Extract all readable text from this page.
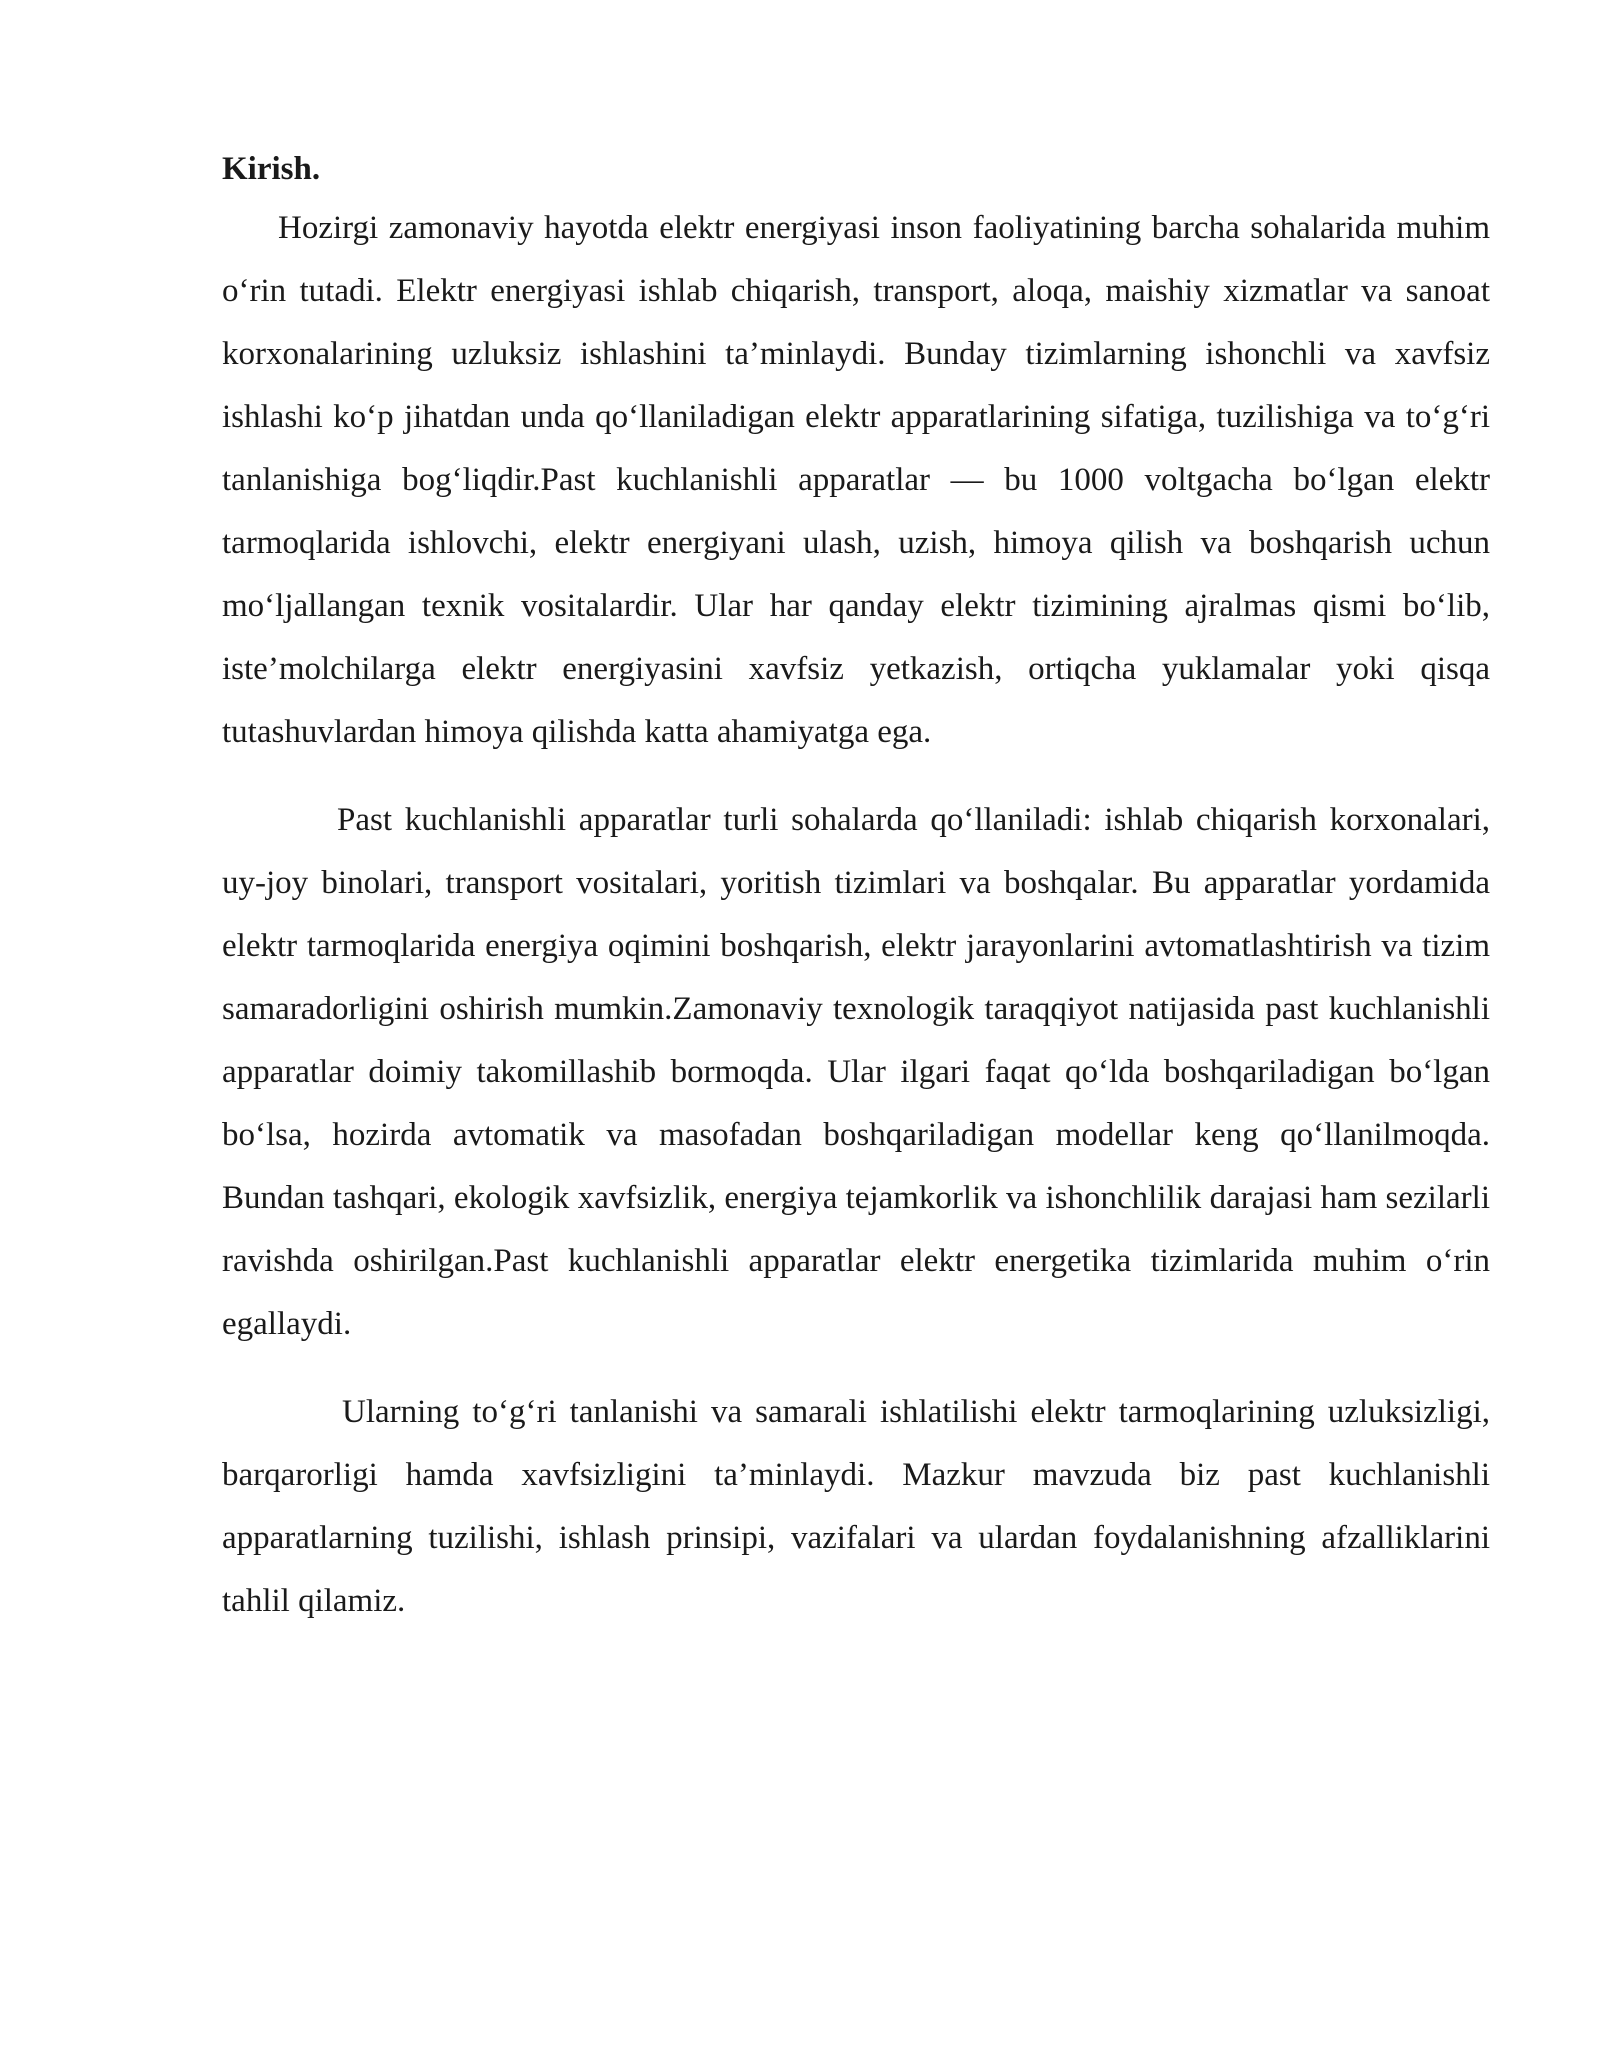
Kirish.

Hozirgi zamonaviy hayotda elektr energiyasi inson faoliyatining barcha sohalarida muhim o‘rin tutadi. Elektr energiyasi ishlab chiqarish, transport, aloqa, maishiy xizmatlar va sanoat korxonalarining uzluksiz ishlashini ta’minlaydi. Bunday tizimlarning ishonchli va xavfsiz ishlashi ko‘p jihatdan unda qo‘llaniladigan elektr apparatlarining sifatiga, tuzilishiga va to‘g‘ri tanlanishiga bog‘liqdir.Past kuchlanishli apparatlar — bu 1000 voltgacha bo‘lgan elektr tarmoqlarida ishlovchi, elektr energiyani ulash, uzish, himoya qilish va boshqarish uchun mo‘ljallangan texnik vositalardir. Ular har qanday elektr tizimining ajralmas qismi bo‘lib, iste’molchilarga elektr energiyasini xavfsiz yetkazish, ortiqcha yuklamalar yoki qisqa tutashuvlardan himoya qilishda katta ahamiyatga ega.

Past kuchlanishli apparatlar turli sohalarda qo‘llaniladi: ishlab chiqarish korxonalari, uy-joy binolari, transport vositalari, yoritish tizimlari va boshqalar. Bu apparatlar yordamida elektr tarmoqlarida energiya oqimini boshqarish, elektr jarayonlarini avtomatlashtirish va tizim samaradorligini oshirish mumkin.Zamonaviy texnologik taraqqiyot natijasida past kuchlanishli apparatlar doimiy takomillashib bormoqda. Ular ilgari faqat qo‘lda boshqariladigan bo‘lgan bo‘lsa, hozirda avtomatik va masofadan boshqariladigan modellar keng qo‘llanilmoqda. Bundan tashqari, ekologik xavfsizlik, energiya tejamkorlik va ishonchlilik darajasi ham sezilarli ravishda oshirilgan.Past kuchlanishli apparatlar elektr energetika tizimlarida muhim o‘rin egallaydi.

Ularning to‘g‘ri tanlanishi va samarali ishlatilishi elektr tarmoqlarining uzluksizligi, barqarorligi hamda xavfsizligini ta’minlaydi. Mazkur mavzuda biz past kuchlanishli apparatlarning tuzilishi, ishlash prinsipi, vazifalari va ulardan foydalanishning afzalliklarini tahlil qilamiz.
